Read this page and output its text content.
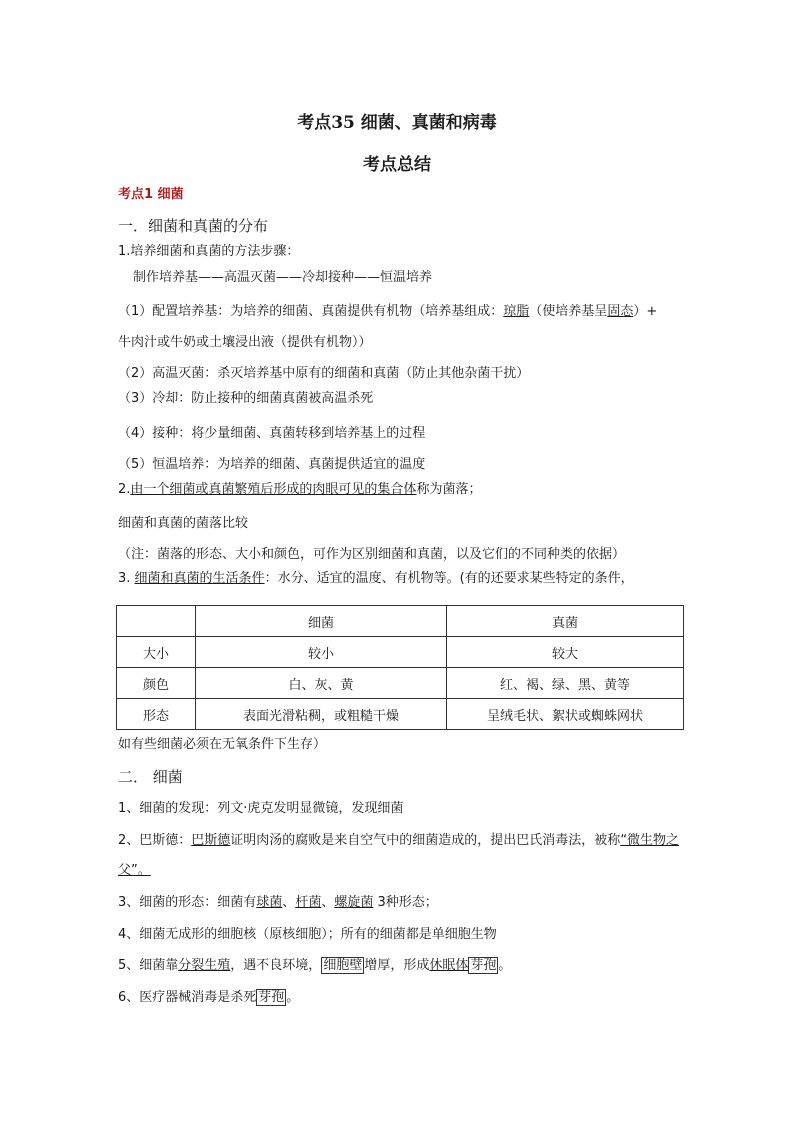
考点35 细菌、真菌和病毒
考点总结
考点1 细菌
一．细菌和真菌的分布
1.培养细菌和真菌的方法步骤：
制作培养基——高温灭菌——冷却接种——恒温培养
（1）配置培养基：为培养的细菌、真菌提供有机物（培养基组成：琼脂（使培养基呈固态）+
牛肉汁或牛奶或土壤浸出液（提供有机物））
（2）高温灭菌：杀灭培养基中原有的细菌和真菌（防止其他杂菌干扰）
（3）冷却：防止接种的细菌真菌被高温杀死
（4）接种：将少量细菌、真菌转移到培养基上的过程
（5）恒温培养：为培养的细菌、真菌提供适宜的温度
2.由一个细菌或真菌繁殖后形成的肉眼可见的集合体称为菌落；
细菌和真菌的菌落比较
（注：菌落的形态、大小和颜色，可作为区别细菌和真菌，以及它们的不同种类的依据）
3. 细菌和真菌的生活条件：水分、适宜的温度、有机物等。(有的还要求某些特定的条件，
	细菌	真菌
大小	较小	较大
颜色	白、灰、黄	红、褐、绿、黑、黄等
形态	表面光滑粘稠，或粗糙干燥	呈绒毛状、絮状或蜘蛛网状
如有些细菌必须在无氧条件下生存）
二． 细菌
1、细菌的发现：列文·虎克发明显微镜，发现细菌
2、巴斯德：巴斯德证明肉汤的腐败是来自空气中的细菌造成的，提出巴氏消毒法，被称“微生物之
父”。
3、细菌的形态：细菌有球菌、杆菌、螺旋菌 3种形态；
4、细菌无成形的细胞核（原核细胞）；所有的细菌都是单细胞生物
5、细菌靠分裂生殖，遇不良环境， 细胞壁 增厚，形成休眠体 芽孢 。
6、医疗器械消毒是杀死 芽孢 。
